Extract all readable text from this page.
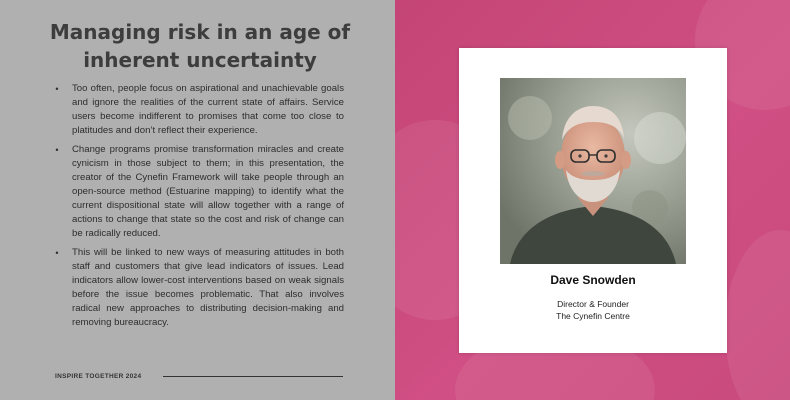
Managing risk in an age of
inherent uncertainty
•	Too often, people focus on aspirational and unachievable goals and ignore the realities of the current state of affairs. Service users become indifferent to promises that come too close to platitudes and don’t reflect their experience.
•	Change programs promise transformation miracles and create cynicism in those subject to them; in this presentation, the creator of the Cynefin Framework will take people through an open-source method (Estuarine mapping) to identify what the current dispositional state will allow together with a range of actions to change that state so the cost and risk of change can be radically reduced.
•	This will be linked to new ways of measuring attitudes in both staff and customers that give lead indicators of issues. Lead indicators allow lower-cost interventions based on weak signals before the issue becomes problematic. That also involves radical new approaches to distributing decision-making and removing bureaucracy.
INSPIRE TOGETHER 2024
Dave Snowden
Director & Founder
The Cynefin Centre
